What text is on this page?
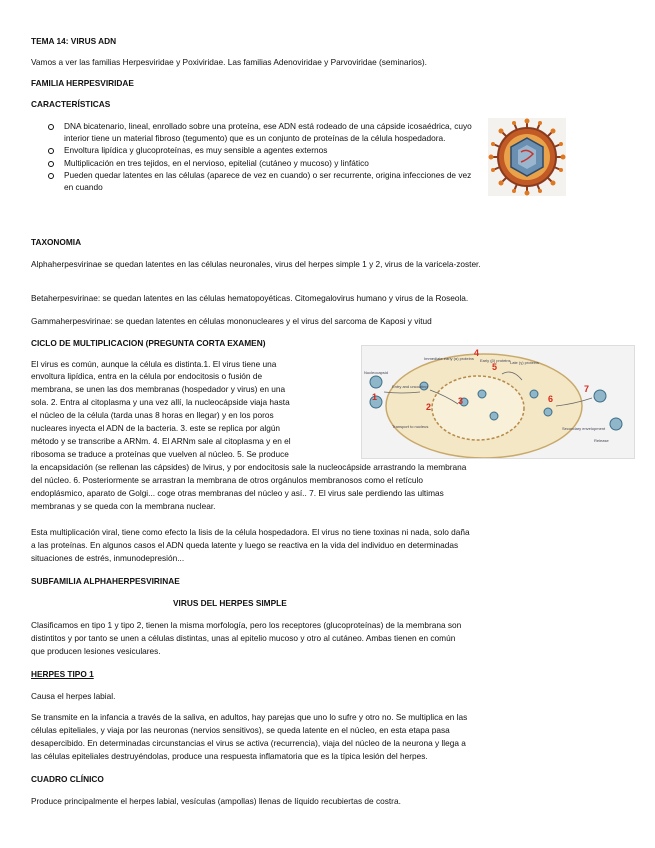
TEMA 14: VIRUS ADN

Vamos a ver las familias Herpesviridae y Poxiviridae. Las familias Adenoviridae y Parvoviridae (seminarios).

FAMILIA HERPESVIRIDAE

CARACTERÍSTICAS

DNA bicatenario, lineal, enrollado sobre una proteína, ese ADN está rodeado de una cápside icosaédrica, cuyo interior tiene un material fibroso (tegumento) que es un conjunto de proteínas de la célula hospedadora.
Envoltura lipídica y glucoproteínas, es muy sensible a agentes externos
Multiplicación en tres tejidos, en el nervioso, epitelial (cutáneo y mucoso) y linfático
Pueden quedar latentes en las células (aparece de vez en cuando) o ser recurrente, origina infecciones de vez en cuando

TAXONOMIA

Alphaherpesvirinae se quedan latentes en las células neuronales, virus del herpes simple 1 y 2, virus de la varicela-zoster.

Betaherpesvirinae: se quedan latentes en las células hematopoyéticas. Citomegalovirus humano y virus de la Roseola.

Gammaherpesvirinae: se quedan latentes en células mononucleares y el virus del sarcoma de Kaposi y vitud

CICLO DE MULTIPLICACION (PREGUNTA CORTA EXAMEN)

El virus es común, aunque la célula es distinta.1. El virus tiene una

envoltura lipídica, entra en la célula por endocitosis o fusión de

membrana, se unen las dos membranas (hospedador y virus) en una

sola. 2. Entra al citoplasma y una vez allí, la nucleocápside viaja hasta

el núcleo de la célula (tarda unas 8 horas en llegar) y en los poros

nucleares inyecta el ADN de la bacteria. 3. este se replica por algún

método y se transcribe a ARNm. 4. El ARNm sale al citoplasma y en el

ribosoma se traduce a proteínas que vuelven al núcleo. 5. Se produce

1
2
3
4
5
6
7
Nucleocapsid
Entry and uncoating
Transport to nucleus
Early (β) proteins
Immediate early (α) proteins
Late (γ) proteins
Secondary envelopment
Release

la encapsidación (se rellenan las cápsides) de lvirus, y por endocitosis sale la nucleocápside arrastrando la membrana

del núcleo. 6. Posteriormente se arrastran la membrana de otros orgánulos membranosos como el retículo

endoplásmico, aparato de Golgi... coge otras membranas del núcleo y así.. 7. El virus sale perdiendo las ultimas

membranas y se queda con la membrana nuclear.

Esta multiplicación viral, tiene como efecto la lisis de la célula hospedadora. El virus no tiene toxinas ni nada, solo daña

a las proteínas. En algunos casos el ADN queda latente y luego se reactiva en la vida del individuo en determinadas

situaciones de estrés, inmunodepresión...

SUBFAMILIA ALPHAHERPESVIRINAE

VIRUS DEL HERPES SIMPLE

Clasificamos en tipo 1 y tipo 2, tienen la misma morfología, pero los receptores (glucoproteínas) de la membrana son

distintitos y por tanto se unen a células distintas, unas al epitelio mucoso y otro al cutáneo. Ambas tienen en común

que producen lesiones vesiculares.

HERPES TIPO 1

Causa el herpes labial.

Se transmite en la infancia a través de la saliva, en adultos, hay parejas que uno lo sufre y otro no. Se multiplica en las

células epiteliales, y viaja por las neuronas (nervios sensitivos), se queda latente en el núcleo, en esta etapa pasa

desapercibido. En determinadas circunstancias el virus se activa (recurrencia), viaja del núcleo de la neurona y llega a

las células epiteliales destruyéndolas, produce una respuesta inflamatoria que es la típica lesión del herpes.

CUADRO CLÍNICO

Produce principalmente el herpes labial, vesículas (ampollas) llenas de líquido recubiertas de costra.
